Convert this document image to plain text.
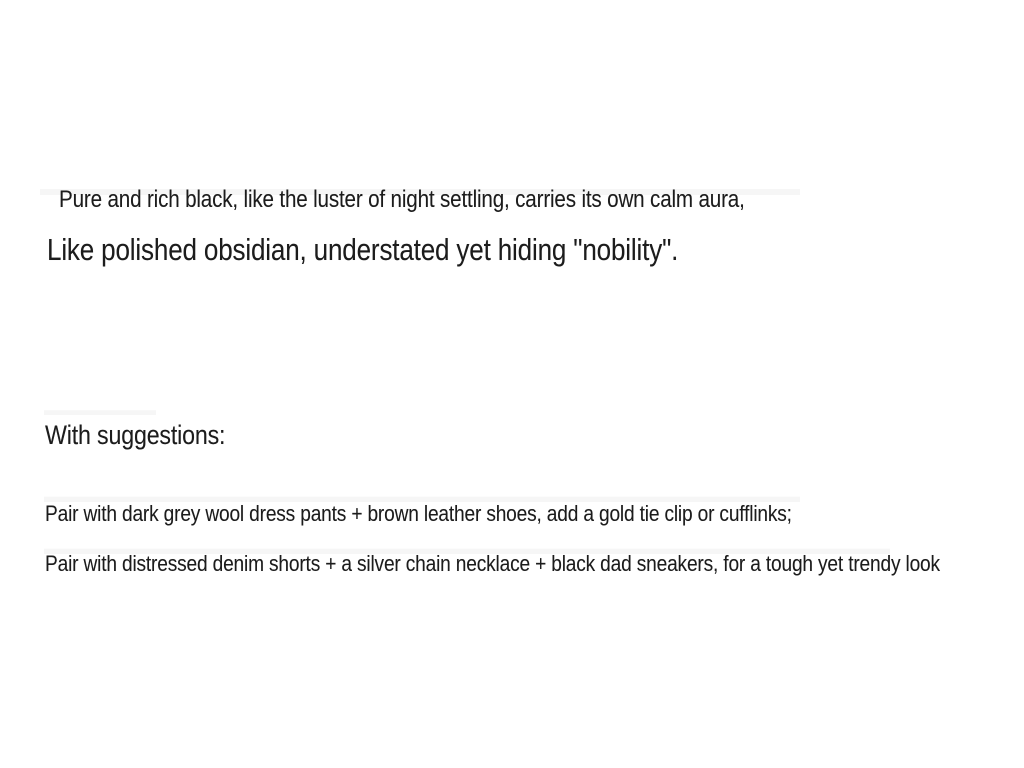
Pure and rich black, like the luster of night settling, carries its own calm aura,

Like polished obsidian, understated yet hiding "nobility".

With suggestions:

Pair with dark grey wool dress pants + brown leather shoes, add a gold tie clip or cufflinks;

Pair with distressed denim shorts + a silver chain necklace + black dad sneakers, for a tough yet trendy look
